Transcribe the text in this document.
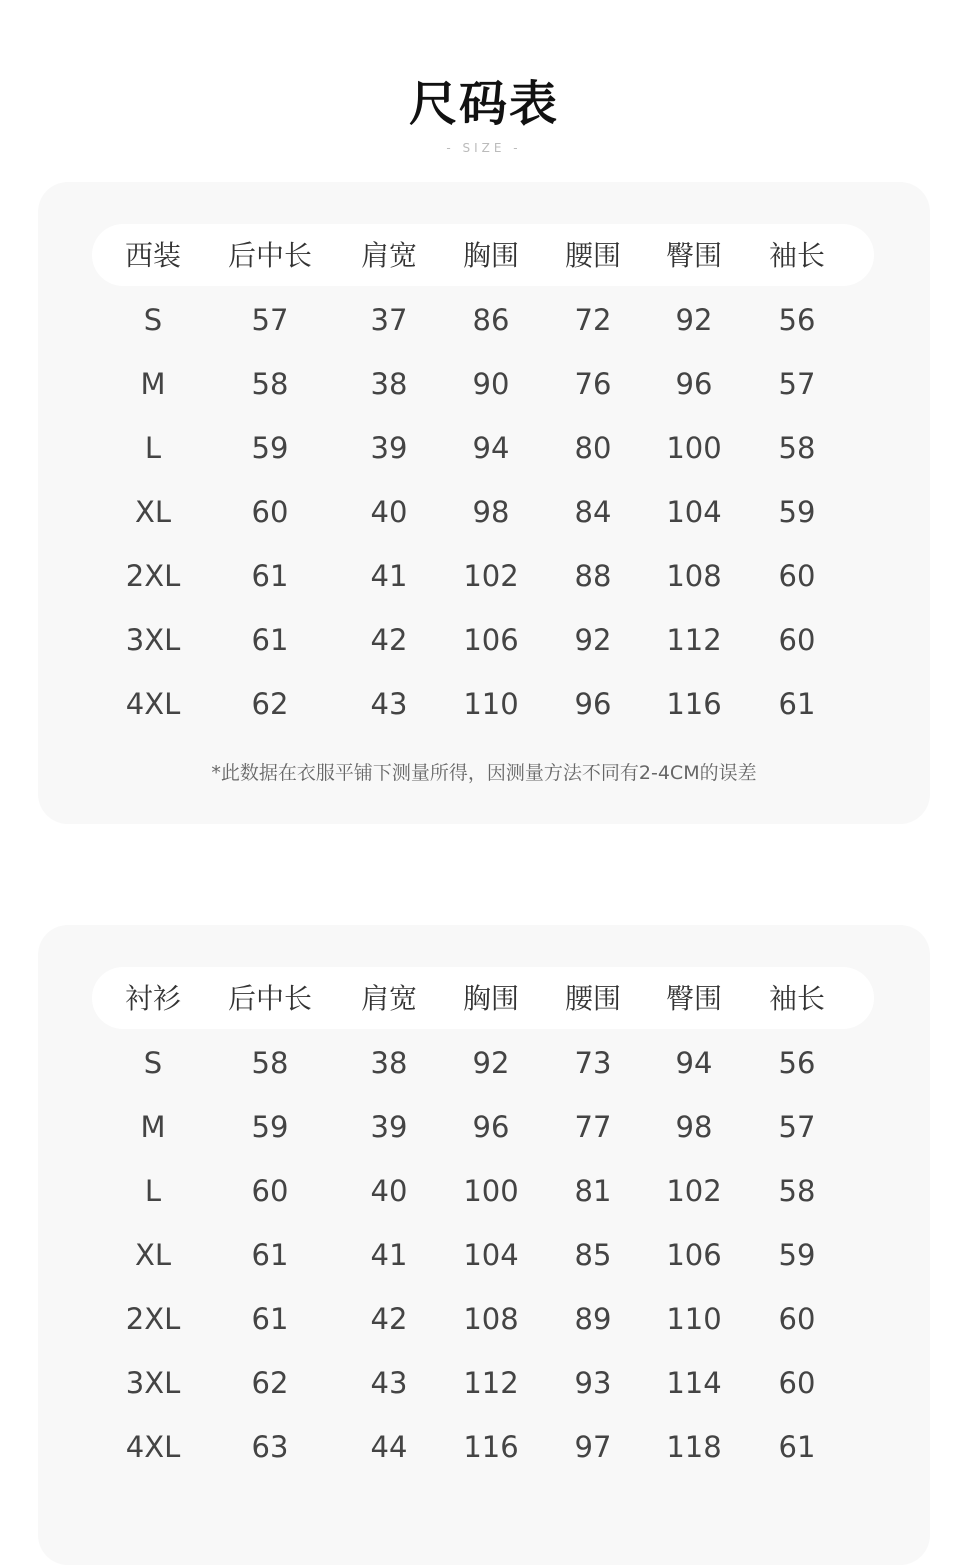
尺码表
- SIZE -
西装	后中长	肩宽	胸围	腰围	臀围	袖长
S	57	37	86	72	92	56
M	58	38	90	76	96	57
L	59	39	94	80	100	58
XL	60	40	98	84	104	59
2XL	61	41	102	88	108	60
3XL	61	42	106	92	112	60
4XL	62	43	110	96	116	61
*此数据在衣服平铺下测量所得，因测量方法不同有2-4CM的误差
衬衫	后中长	肩宽	胸围	腰围	臀围	袖长
S	58	38	92	73	94	56
M	59	39	96	77	98	57
L	60	40	100	81	102	58
XL	61	41	104	85	106	59
2XL	61	42	108	89	110	60
3XL	62	43	112	93	114	60
4XL	63	44	116	97	118	61
